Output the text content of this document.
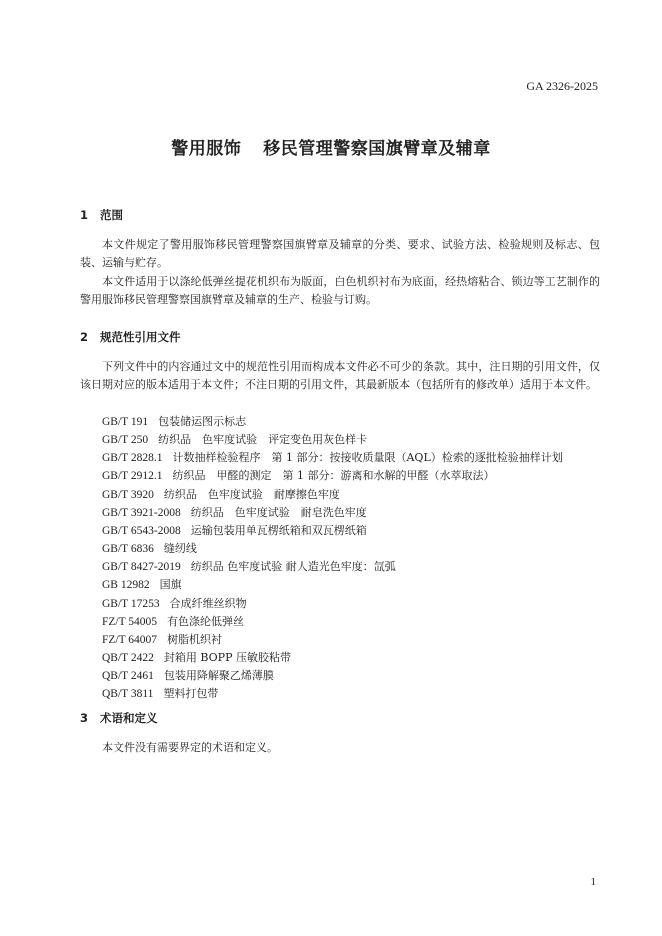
GA 2326-2025
警用服饰 移民管理警察国旗臂章及辅章
1 范围

本文件规定了警用服饰移民管理警察国旗臂章及辅章的分类、要求、试验方法、检验规则及标志、包装、运输与贮存。

本文件适用于以涤纶低弹丝提花机织布为版面，白色机织衬布为底面，经热熔粘合、锁边等工艺制作的警用服饰移民管理警察国旗臂章及辅章的生产、检验与订购。

2 规范性引用文件

下列文件中的内容通过文中的规范性引用而构成本文件必不可少的条款。其中，注日期的引用文件，仅该日期对应的版本适用于本文件；不注日期的引用文件，其最新版本（包括所有的修改单）适用于本文件。

GB/T 191 包装储运图示标志
GB/T 250 纺织品　色牢度试验　评定变色用灰色样卡
GB/T 2828.1 计数抽样检验程序　第 1 部分：按接收质量限（AQL）检索的逐批检验抽样计划
GB/T 2912.1 纺织品　甲醛的测定　第 1 部分：游离和水解的甲醛（水萃取法）
GB/T 3920 纺织品　色牢度试验　耐摩擦色牢度
GB/T 3921-2008 纺织品　色牢度试验　耐皂洗色牢度
GB/T 6543-2008 运输包装用单瓦楞纸箱和双瓦楞纸箱
GB/T 6836 缝纫线
GB/T 8427-2019 纺织品 色牢度试验 耐人造光色牢度：氙弧
GB 12982 国旗
GB/T 17253 合成纤维丝织物
FZ/T 54005 有色涤纶低弹丝
FZ/T 64007 树脂机织衬
QB/T 2422 封箱用 BOPP 压敏胶粘带
QB/T 2461 包装用降解聚乙烯薄膜
QB/T 3811 塑料打包带
3 术语和定义

本文件没有需要界定的术语和定义。

1
